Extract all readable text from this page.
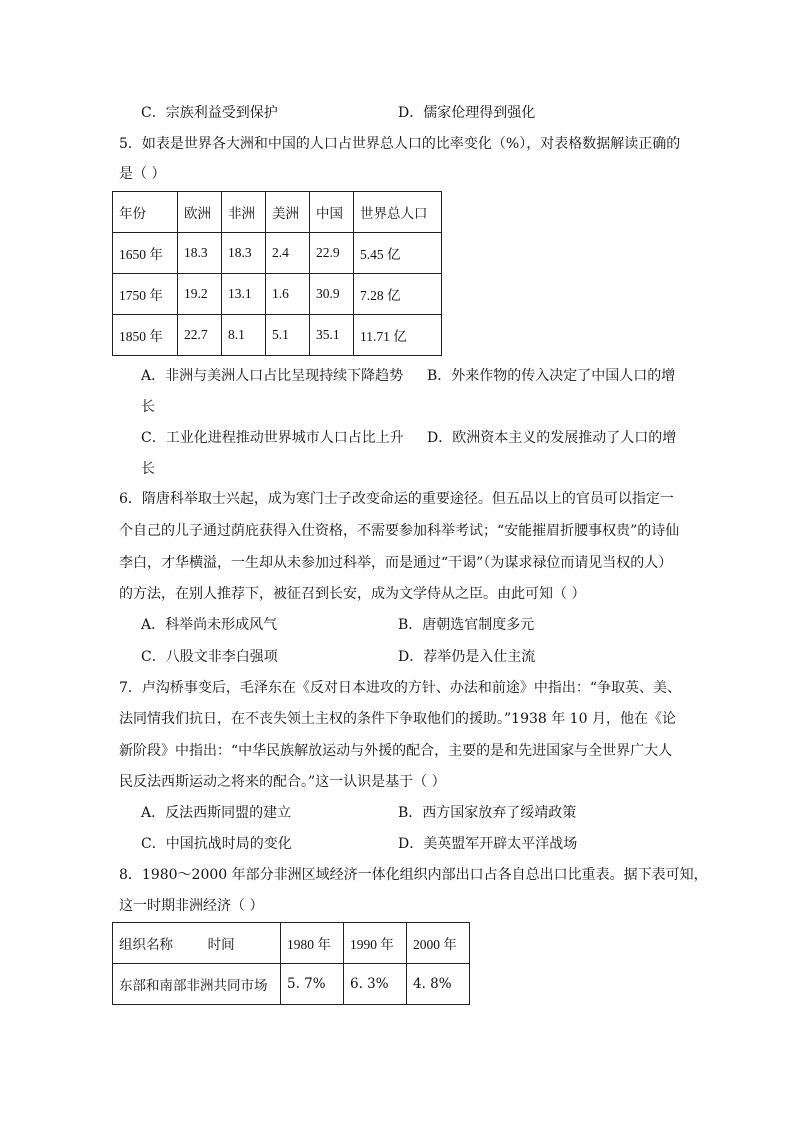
C．宗族利益受到保护	D．儒家伦理得到强化
5．如表是世界各大洲和中国的人口占世界总人口的比率变化（%），对表格数据解读正确的
是（ ）
年份	欧洲	非洲	美洲	中国	世界总人口
1650 年	18.3	18.3	2.4	22.9	5.45 亿
1750 年	19.2	13.1	1.6	30.9	7.28 亿
1850 年	22.7	8.1	5.1	35.1	11.71 亿
A．非洲与美洲人口占比呈现持续下降趋势 B．外来作物的传入决定了中国人口的增
长
C．工业化进程推动世界城市人口占比上升 D．欧洲资本主义的发展推动了人口的增
长
6．隋唐科举取士兴起，成为寒门士子改变命运的重要途径。但五品以上的官员可以指定一
个自己的儿子通过荫庇获得入仕资格，不需要参加科举考试；“安能摧眉折腰事权贵”的诗仙
李白，才华横溢，一生却从未参加过科举，而是通过“干谒”（为谋求禄位而请见当权的人）
的方法，在别人推荐下，被征召到长安，成为文学侍从之臣。由此可知（ ）
A．科举尚未形成风气	B．唐朝选官制度多元
C．八股文非李白强项	D．荐举仍是入仕主流
7．卢沟桥事变后，毛泽东在《反对日本进攻的方针、办法和前途》中指出：“争取英、美、
法同情我们抗日，在不丧失领土主权的条件下争取他们的援助。”1938 年 10 月，他在《论
新阶段》中指出：“中华民族解放运动与外援的配合，主要的是和先进国家与全世界广大人
民反法西斯运动之将来的配合。”这一认识是基于（ ）
A．反法西斯同盟的建立	B．西方国家放弃了绥靖政策
C．中国抗战时局的变化	D．美英盟军开辟太平洋战场
8．1980～2000 年部分非洲区域经济一体化组织内部出口占各自总出口比重表。据下表可知，
这一时期非洲经济（ ）
组织名称 时间	1980 年	1990 年	2000 年
东部和南部非洲共同市场	5. 7%	6. 3%	4. 8%
